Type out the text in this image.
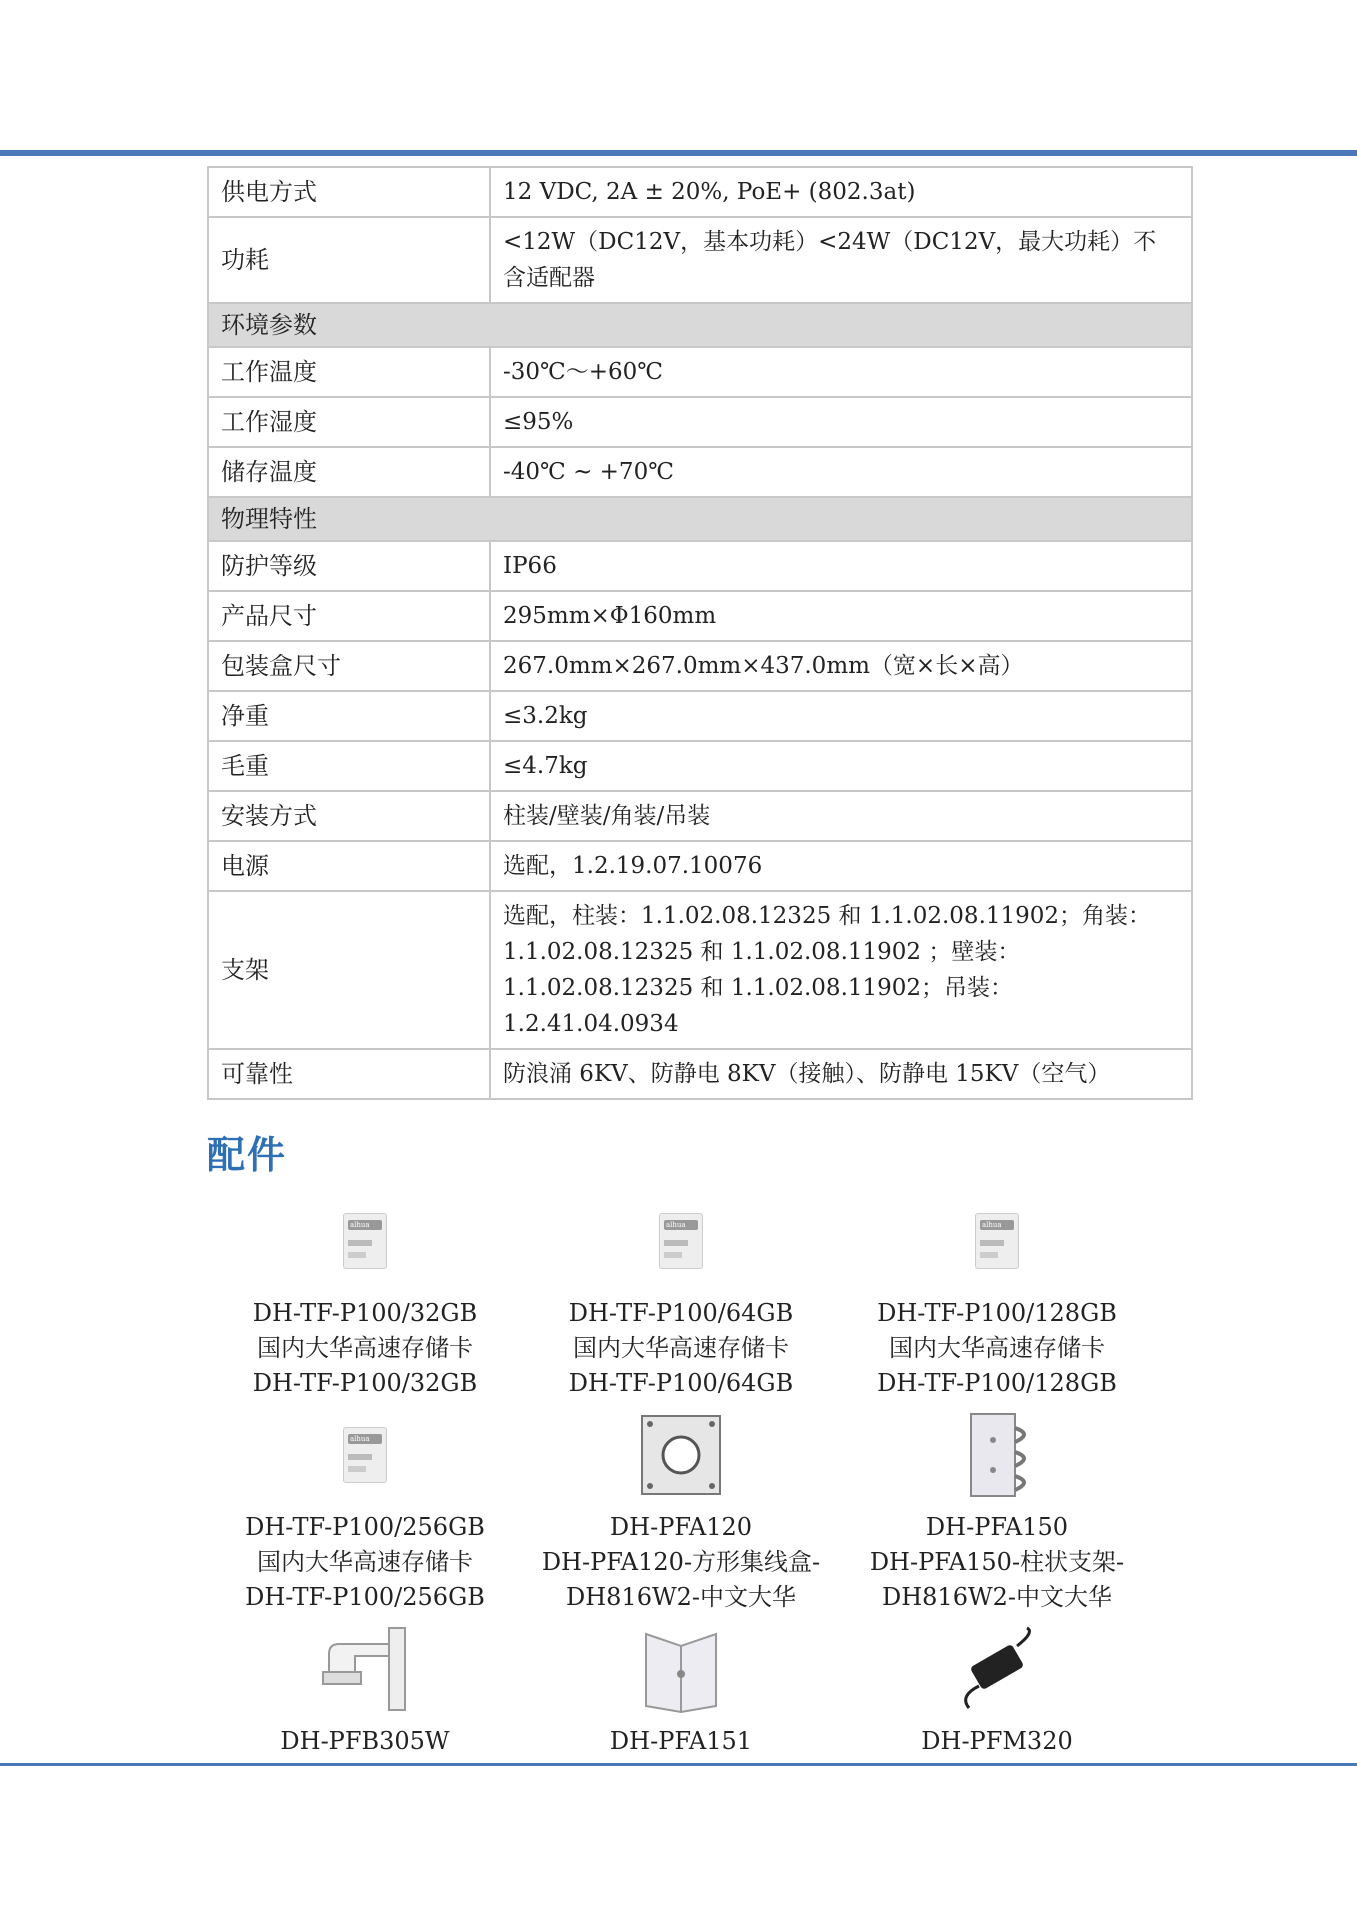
供电方式	12 VDC, 2A ± 20%, PoE+ (802.3at)
功耗	<12W（DC12V，基本功耗）<24W（DC12V，最大功耗）不含适配器
环境参数	
工作温度	-30℃～+60℃
工作湿度	≤95%
储存温度	-40℃ ~ +70℃
物理特性	
防护等级	IP66
产品尺寸	295mm×Φ160mm
包装盒尺寸	267.0mm×267.0mm×437.0mm（宽×长×高）
净重	≤3.2kg
毛重	≤4.7kg
安装方式	柱装/壁装/角装/吊装
电源	选配，1.2.19.07.10076
支架	选配，柱装：1.1.02.08.12325 和 1.1.02.08.11902；角装：1.1.02.08.12325 和 1.1.02.08.11902 ；壁装：1.1.02.08.12325 和 1.1.02.08.11902；吊装：1.2.41.04.0934
可靠性	防浪涌 6KV、防静电 8KV（接触）、防静电 15KV（空气）
配件
alhua
DH-TF-P100/32GB
国内大华高速存储卡
DH-TF-P100/32GB
alhua
DH-TF-P100/64GB
国内大华高速存储卡
DH-TF-P100/64GB
alhua
DH-TF-P100/128GB
国内大华高速存储卡
DH-TF-P100/128GB
alhua
DH-TF-P100/256GB
国内大华高速存储卡
DH-TF-P100/256GB
DH-PFA120
DH-PFA120-方形集线盒-
DH816W2-中文大华
DH-PFA150
DH-PFA150-柱状支架-
DH816W2-中文大华
DH-PFB305W	DH-PFA151	DH-PFM320
